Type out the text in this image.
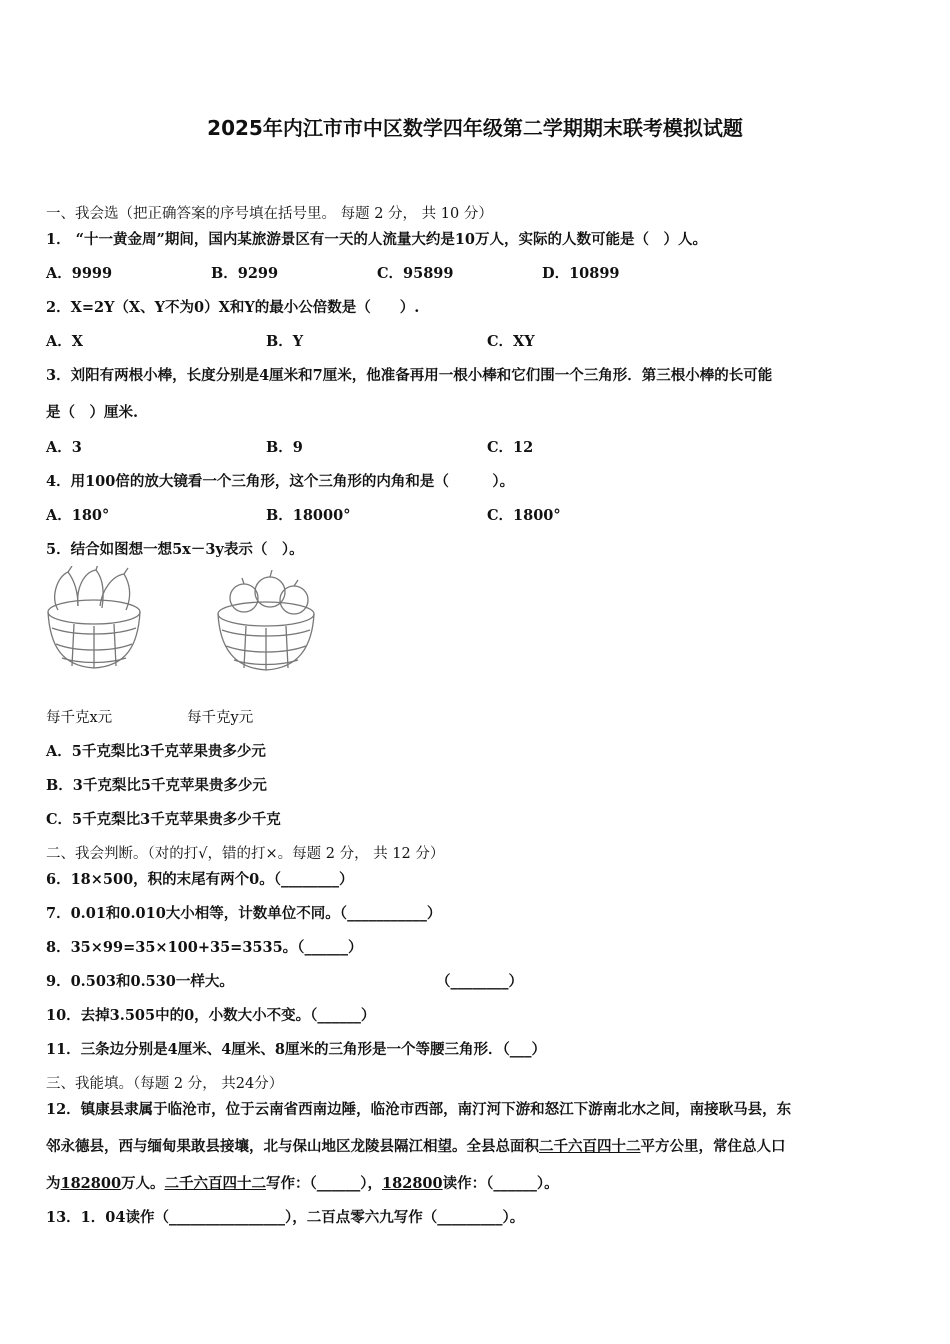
2025年内江市市中区数学四年级第二学期期末联考模拟试题
一、我会选（把正确答案的序号填在括号里。 每题 2 分， 共 10 分）
1． “十一黄金周”期间，国内某旅游景区有一天的人流量大约是10万人，实际的人数可能是（　）人。
A．9999	B．9299	C．95899	D．10899
2．X=2Y（X、Y不为0）X和Y的最小公倍数是（　　）.
A．X	B．Y	C．XY
3．刘阳有两根小棒，长度分别是4厘米和7厘米，他准备再用一根小棒和它们围一个三角形．第三根小棒的长可能
是（　）厘米.
A．3	B．9	C．12
4．用100倍的放大镜看一个三角形，这个三角形的内角和是（　　　）。
A．180°	B．18000°	C．1800°
5．结合如图想一想5x－3y表示（　）。
每千克x元	每千克y元
A．5千克梨比3千克苹果贵多少元
B．3千克梨比5千克苹果贵多少元
C．5千克梨比3千克苹果贵多少千克
二、我会判断。（对的打√，错的打×。每题 2 分， 共 12 分）
6．18×500，积的末尾有两个0。（________）
7．0.01和0.010大小相等，计数单位不同。（___________）
8．35×99=35×100+35=3535。（______）
9．0.503和0.530一样大。	（________）
10．去掉3.505中的0，小数大小不变。（______）
11．三条边分别是4厘米、4厘米、8厘米的三角形是一个等腰三角形．（___）
三、我能填。（每题 2 分， 共24分）
12．镇康县隶属于临沧市，位于云南省西南边陲，临沧市西部，南汀河下游和怒江下游南北水之间，南接耿马县，东
邻永德县，西与缅甸果敢县接壤，北与保山地区龙陵县隔江相望。全县总面积二千六百四十二平方公里，常住总人口
为182800万人。二千六百四十二写作：（______），182800读作：（______）。
13．1．04读作（________________），二百点零六九写作（_________）。
